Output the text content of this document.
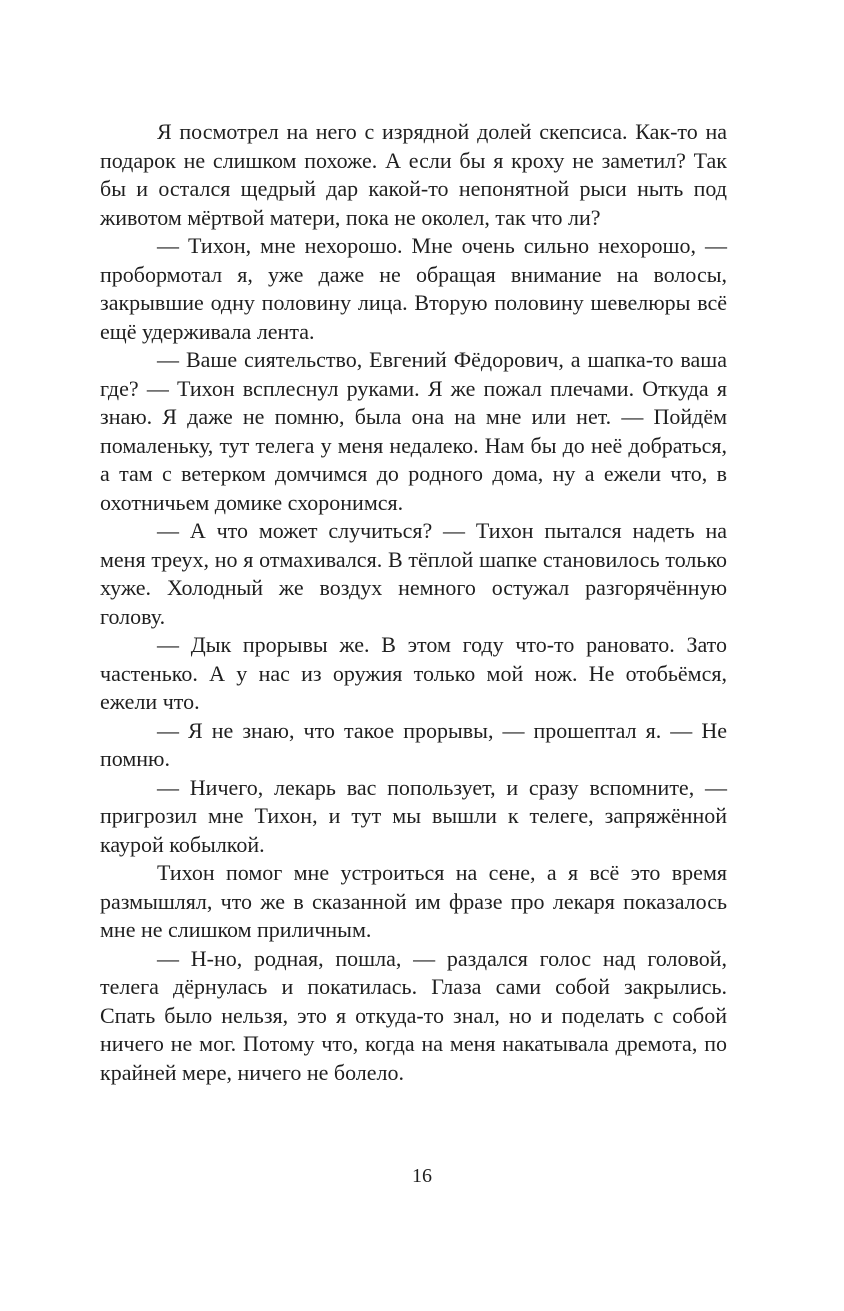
Я посмотрел на него с изрядной долей скепсиса. Как-то на подарок не слишком похоже. А если бы я кроху не заметил? Так бы и остался щедрый дар какой-то непонятной рыси ныть под животом мёртвой матери, пока не околел, так что ли?

— Тихон, мне нехорошо. Мне очень сильно нехорошо, — пробормотал я, уже даже не обращая внимание на волосы, закрывшие одну половину лица. Вторую половину шевелюры всё ещё удерживала лента.

— Ваше сиятельство, Евгений Фёдорович, а шапка-то ваша где? — Тихон всплеснул руками. Я же пожал плечами. Откуда я знаю. Я даже не помню, была она на мне или нет. — Пойдём помаленьку, тут телега у меня недалеко. Нам бы до неё добраться, а там с ветерком домчимся до родного дома, ну а ежели что, в охотничьем домике схоронимся.

— А что может случиться? — Тихон пытался надеть на меня треух, но я отмахивался. В тёплой шапке становилось только хуже. Холодный же воздух немного остужал разгорячённую голову.

— Дык прорывы же. В этом году что-то рановато. Зато частенько. А у нас из оружия только мой нож. Не отобьёмся, ежели что.

— Я не знаю, что такое прорывы, — прошептал я. — Не помню.

— Ничего, лекарь вас попользует, и сразу вспомните, — пригрозил мне Тихон, и тут мы вышли к телеге, запряжённой каурой кобылкой.

Тихон помог мне устроиться на сене, а я всё это время размышлял, что же в сказанной им фразе про лекаря показалось мне не слишком приличным.

— Н-но, родная, пошла, — раздался голос над головой, телега дёрнулась и покатилась. Глаза сами собой закрылись. Спать было нельзя, это я откуда-то знал, но и поделать с собой ничего не мог. Потому что, когда на меня накатывала дремота, по крайней мере, ничего не болело.

16
